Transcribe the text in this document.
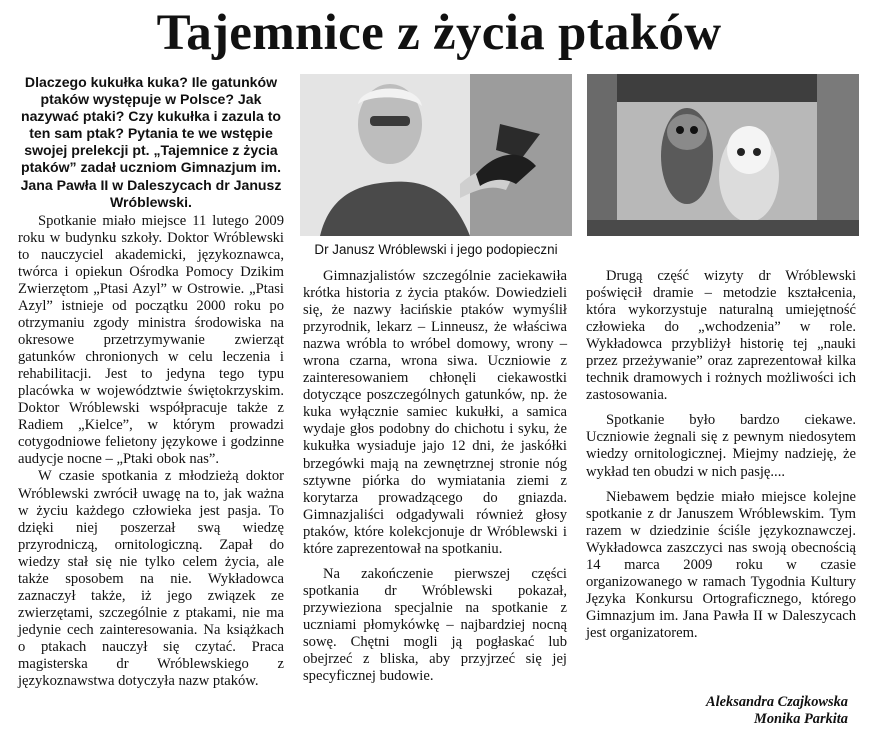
Tajemnice z życia ptaków
Dlaczego kukułka kuka? Ile gatunków ptaków występuje w Polsce? Jak nazywać ptaki? Czy kukułka i zazula to ten sam ptak? Pytania te we wstępie swojej prelekcji pt. „Tajemnice z życia ptaków” zadał uczniom Gimnazjum im. Jana Pawła II w Daleszycach dr Janusz Wróblewski.

Spotkanie miało miejsce 11 lutego 2009 roku w budynku szkoły. Doktor Wróblewski to nauczyciel akademicki, językoznawca, twórca i opiekun Ośrodka Pomocy Dzikim Zwierzętom „Ptasi Azyl” w Ostrowie. „Ptasi Azyl” istnieje od początku 2000 roku po otrzymaniu zgody ministra środowiska na okresowe przetrzymywanie zwierząt gatunków chronionych w celu leczenia i rehabilitacji. Jest to jedyna tego typu placówka w województwie świętokrzyskim. Doktor Wróblewski współpracuje także z Radiem „Kielce”, w którym prowadzi cotygodniowe felietony językowe i godzinne audycje nocne – „Ptaki obok nas”.

W czasie spotkania z młodzieżą doktor Wróblewski zwrócił uwagę na to, jak ważna w życiu każdego człowieka jest pasja. To dzięki niej poszerzał swą wiedzę przyrodniczą, ornitologiczną. Zapał do wiedzy stał się nie tylko celem życia, ale także sposobem na nie. Wykładowca zaznaczył także, iż jego związek ze zwierzętami, szczególnie z ptakami, nie ma jedynie cech zainteresowania. Na książkach o ptakach nauczył się czytać. Praca magisterska dr Wróblewskiego z językoznawstwa dotyczyła nazw ptaków.

Dr Janusz Wróblewski i jego podopieczni

Gimnazjalistów szczególnie zaciekawiła krótka historia z życia ptaków. Dowiedzieli się, że nazwy łacińskie ptaków wymyślił przyrodnik, lekarz – Linneusz, że właściwa nazwa wróbla to wróbel domowy, wrony – wrona czarna, wrona siwa. Uczniowie z zainteresowaniem chłonęli ciekawostki dotyczące poszczególnych gatunków, np. że kuka wyłącznie samiec kukułki, a samica wydaje głos podobny do chichotu i syku, że kukułka wysiaduje jajo 12 dni, że jaskółki brzegówki mają na zewnętrznej stronie nóg sztywne piórka do wymiatania ziemi z korytarza prowadzącego do gniazda. Gimnazjaliści odgadywali również głosy ptaków, które kolekcjonuje dr Wróblewski i które zaprezentował na spotkaniu.

Na zakończenie pierwszej części spotkania dr Wróblewski pokazał, przywieziona specjalnie na spotkanie z uczniami płomykówkę – najbardziej nocną sowę. Chętni mogli ją pogłaskać lub obejrzeć z bliska, aby przyjrzeć się jej specyficznej budowie.

Drugą część wizyty dr Wróblewski poświęcił dramie – metodzie kształcenia, która wykorzystuje naturalną umiejętność człowieka do „wchodzenia” w role. Wykładowca przybliżył historię tej „nauki przez przeżywanie” oraz zaprezentował kilka technik dramowych i rożnych możliwości ich zastosowania.

Spotkanie było bardzo ciekawe. Uczniowie żegnali się z pewnym niedosytem wiedzy ornitologicznej. Miejmy nadzieję, że wykład ten obudzi w nich pasję....

Niebawem będzie miało miejsce kolejne spotkanie z dr Januszem Wróblewskim. Tym razem w dziedzinie ściśle językoznawczej. Wykładowca zaszczyci nas swoją obecnością 14 marca 2009 roku w czasie organizowanego w ramach Tygodnia Kultury Języka Konkursu Ortograficznego, którego Gimnazjum im. Jana Pawła II w Daleszycach jest organizatorem.

Aleksandra Czajkowska
Monika Parkita
